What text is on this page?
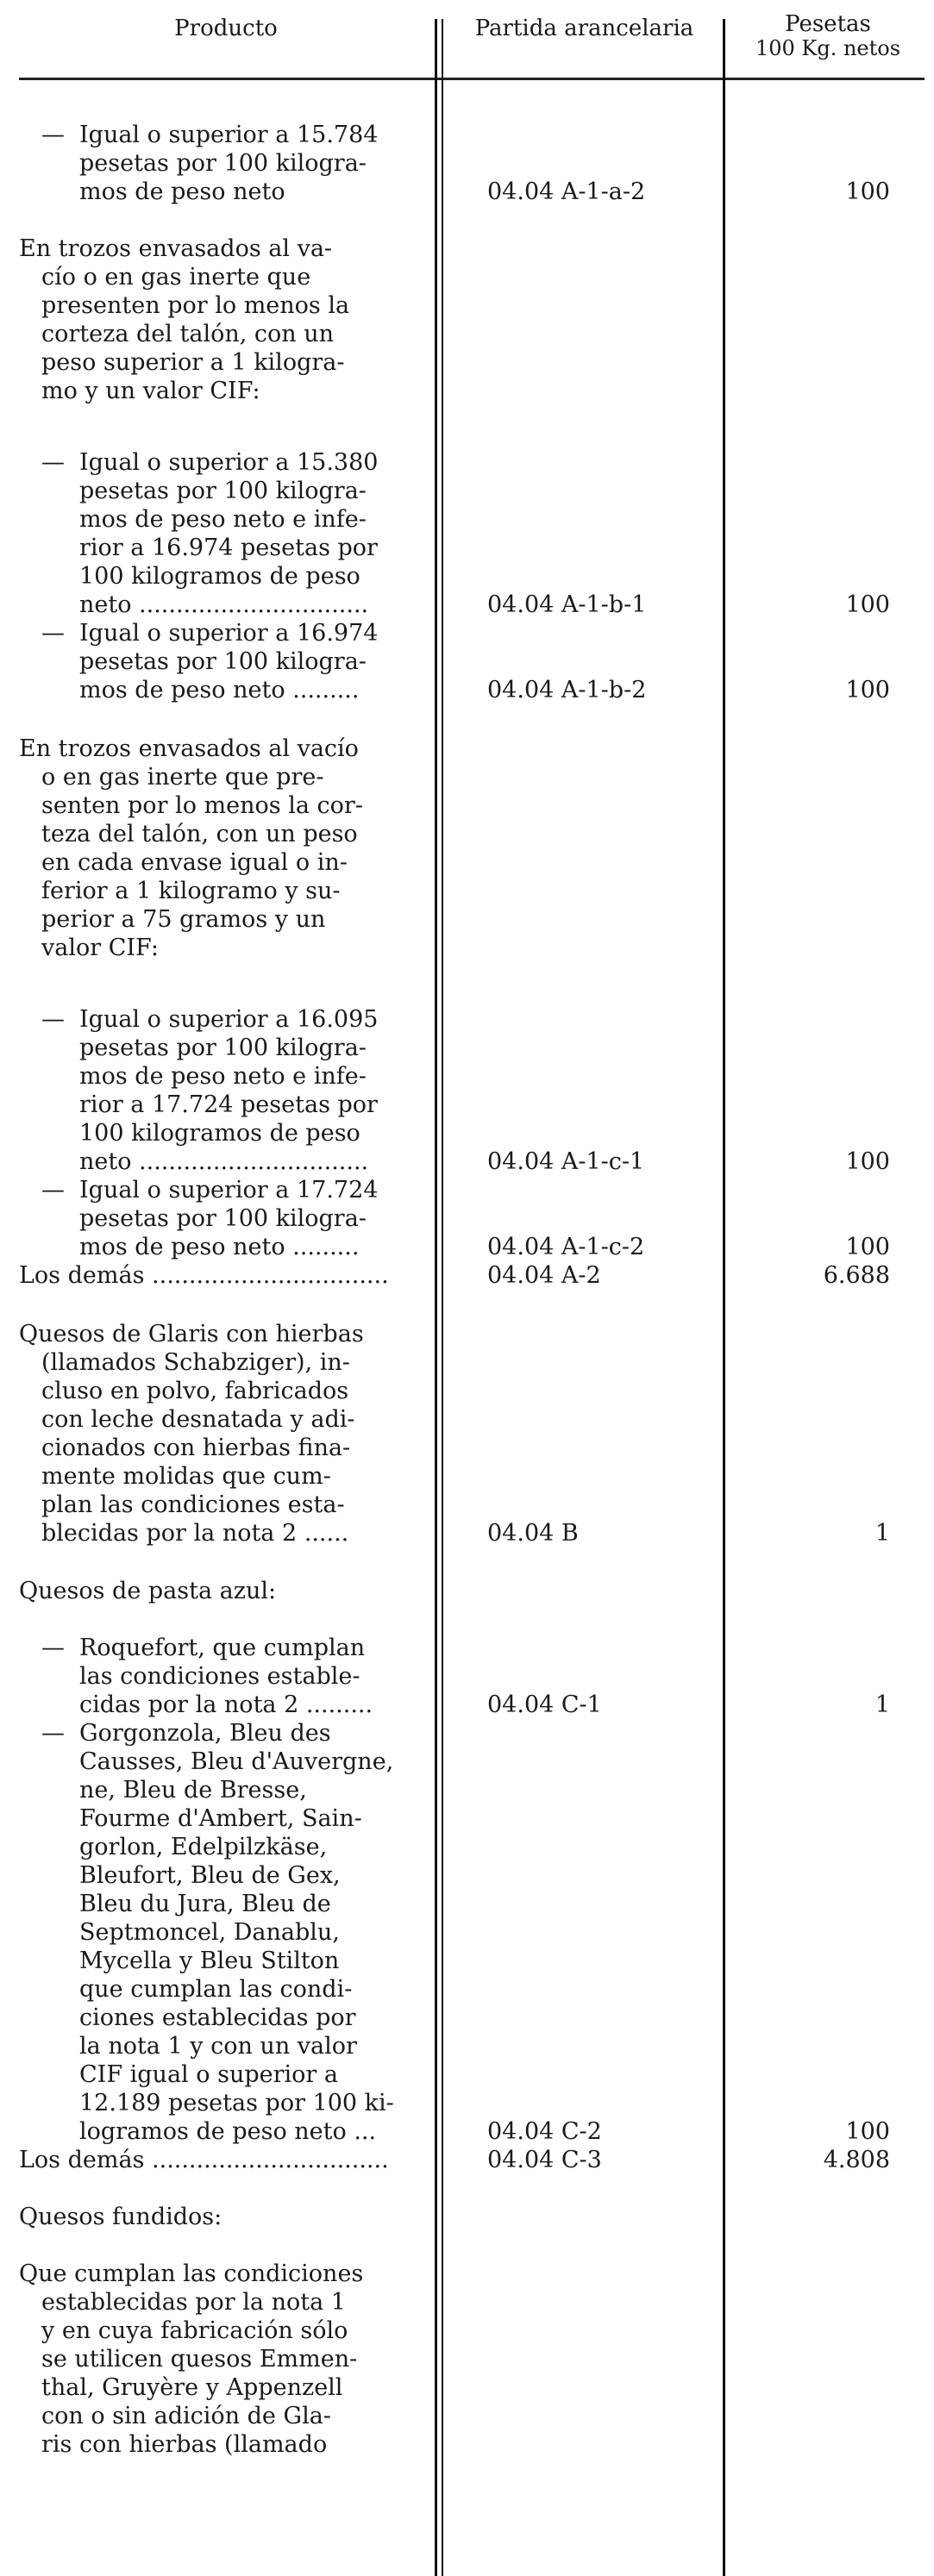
Producto	Partida arancelaria	Pesetas
100 Kg. netos
— Igual o superior a 15.784
pesetas por 100 kilogra-
mos de peso neto	04.04 A-1-a-2	100
En trozos envasados al va-
cío o en gas inerte que
presenten por lo menos la
corteza del talón, con un
peso superior a 1 kilogra-
mo y un valor CIF:
— Igual o superior a 15.380
pesetas por 100 kilogra-
mos de peso neto e infe-
rior a 16.974 pesetas por
100 kilogramos de peso
neto ...............................	04.04 A-1-b-1	100
— Igual o superior a 16.974
pesetas por 100 kilogra-
mos de peso neto .........	04.04 A-1-b-2	100
En trozos envasados al vacío
o en gas inerte que pre-
senten por lo menos la cor-
teza del talón, con un peso
en cada envase igual o in-
ferior a 1 kilogramo y su-
perior a 75 gramos y un
valor CIF:
— Igual o superior a 16.095
pesetas por 100 kilogra-
mos de peso neto e infe-
rior a 17.724 pesetas por
100 kilogramos de peso
neto ...............................	04.04 A-1-c-1	100
— Igual o superior a 17.724
pesetas por 100 kilogra-
mos de peso neto .........	04.04 A-1-c-2	100
Los demás ................................	04.04 A-2	6.688
Quesos de Glaris con hierbas
(llamados Schabziger), in-
cluso en polvo, fabricados
con leche desnatada y adi-
cionados con hierbas fina-
mente molidas que cum-
plan las condiciones esta-
blecidas por la nota 2 ......	04.04 B	1
Quesos de pasta azul:
— Roquefort, que cumplan
las condiciones estable-
cidas por la nota 2 .........	04.04 C-1	1
— Gorgonzola, Bleu des
Causses, Bleu d'Auvergne,
ne, Bleu de Bresse,
Fourme d'Ambert, Sain-
gorlon, Edelpilzkäse,
Bleufort, Bleu de Gex,
Bleu du Jura, Bleu de
Septmoncel, Danablu,
Mycella y Bleu Stilton
que cumplan las condi-
ciones establecidas por
la nota 1 y con un valor
CIF igual o superior a
12.189 pesetas por 100 ki-
logramos de peso neto ...	04.04 C-2	100
Los demás ................................	04.04 C-3	4.808
Quesos fundidos:
Que cumplan las condiciones
establecidas por la nota 1
y en cuya fabricación sólo
se utilicen quesos Emmen-
thal, Gruyère y Appenzell
con o sin adición de Gla-
ris con hierbas (llamado
